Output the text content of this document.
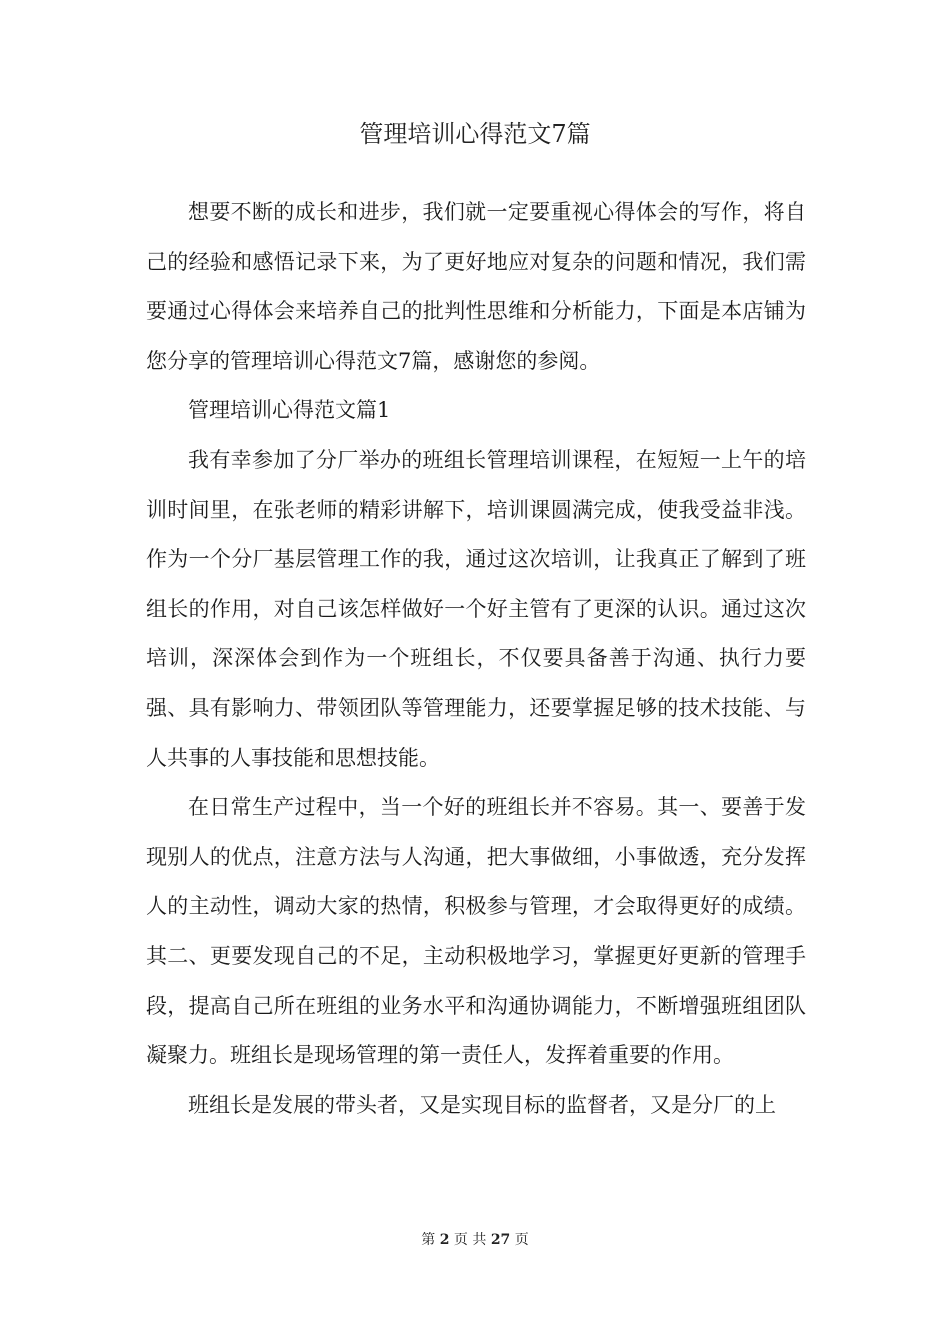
管理培训心得范文7篇

想要不断的成长和进步，我们就一定要重视心得体会的写作，将自己的经验和感悟记录下来，为了更好地应对复杂的问题和情况，我们需要通过心得体会来培养自己的批判性思维和分析能力，下面是本店铺为您分享的管理培训心得范文7篇，感谢您的参阅。

管理培训心得范文篇1

我有幸参加了分厂举办的班组长管理培训课程，在短短一上午的培训时间里，在张老师的精彩讲解下，培训课圆满完成，使我受益非浅。作为一个分厂基层管理工作的我，通过这次培训，让我真正了解到了班组长的作用，对自己该怎样做好一个好主管有了更深的认识。通过这次培训，深深体会到作为一个班组长，不仅要具备善于沟通、执行力要强、具有影响力、带领团队等管理能力，还要掌握足够的技术技能、与人共事的人事技能和思想技能。

在日常生产过程中，当一个好的班组长并不容易。其一、要善于发现别人的优点，注意方法与人沟通，把大事做细，小事做透，充分发挥人的主动性，调动大家的热情，积极参与管理，才会取得更好的成绩。其二、更要发现自己的不足，主动积极地学习，掌握更好更新的管理手段，提高自己所在班组的业务水平和沟通协调能力，不断增强班组团队凝聚力。班组长是现场管理的第一责任人，发挥着重要的作用。

班组长是发展的带头者，又是实现目标的监督者，又是分厂的上

第 2 页 共 27 页
